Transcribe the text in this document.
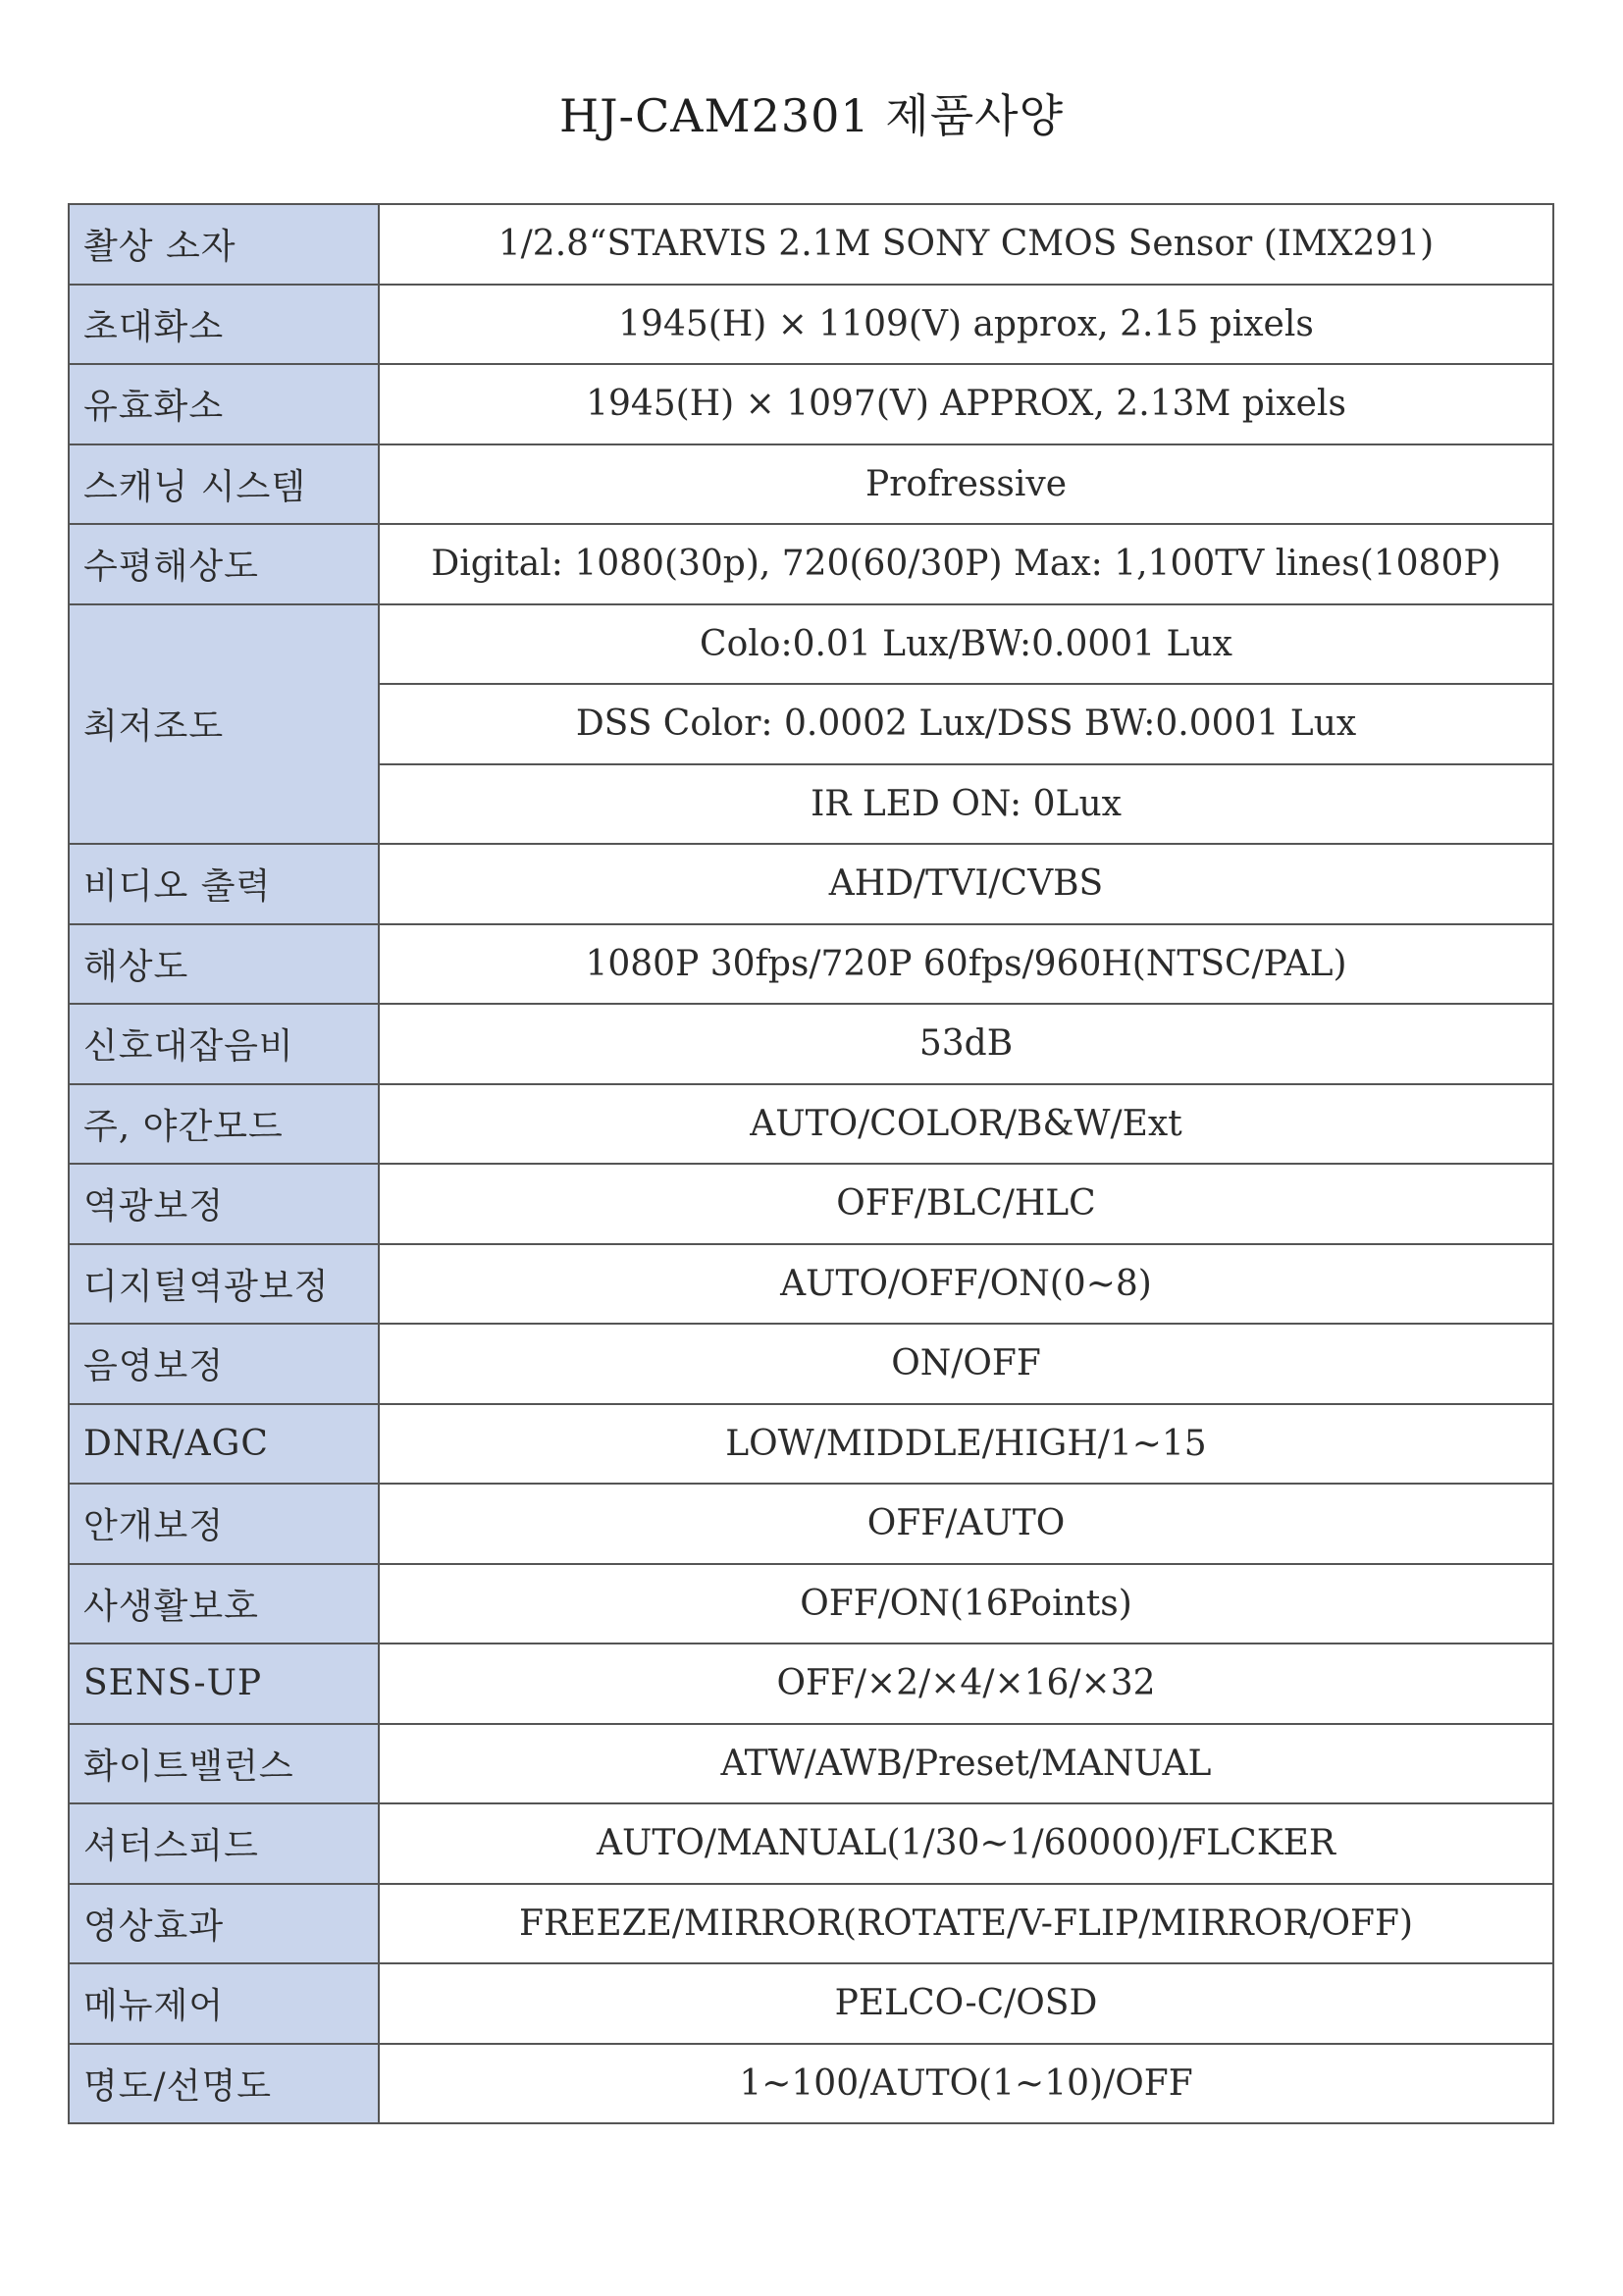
HJ-CAM2301 제품사양
촬상 소자	1/2.8“STARVIS 2.1M SONY CMOS Sensor (IMX291)
초대화소	1945(H) × 1109(V) approx, 2.15 pixels
유효화소	1945(H) × 1097(V) APPROX, 2.13M pixels
스캐닝 시스템	Profressive
수평해상도	Digital: 1080(30p), 720(60/30P) Max: 1,100TV lines(1080P)
최저조도	Colo:0.01 Lux/BW:0.0001 Lux
	DSS Color: 0.0002 Lux/DSS BW:0.0001 Lux
	IR LED ON: 0Lux
비디오 출력	AHD/TVI/CVBS
해상도	1080P 30fps/720P 60fps/960H(NTSC/PAL)
신호대잡음비	53dB
주, 야간모드	AUTO/COLOR/B&W/Ext
역광보정	OFF/BLC/HLC
디지털역광보정	AUTO/OFF/ON(0~8)
음영보정	ON/OFF
DNR/AGC	LOW/MIDDLE/HIGH/1~15
안개보정	OFF/AUTO
사생활보호	OFF/ON(16Points)
SENS-UP	OFF/×2/×4/×16/×32
화이트밸런스	ATW/AWB/Preset/MANUAL
셔터스피드	AUTO/MANUAL(1/30~1/60000)/FLCKER
영상효과	FREEZE/MIRROR(ROTATE/V-FLIP/MIRROR/OFF)
메뉴제어	PELCO-C/OSD
명도/선명도	1~100/AUTO(1~10)/OFF
